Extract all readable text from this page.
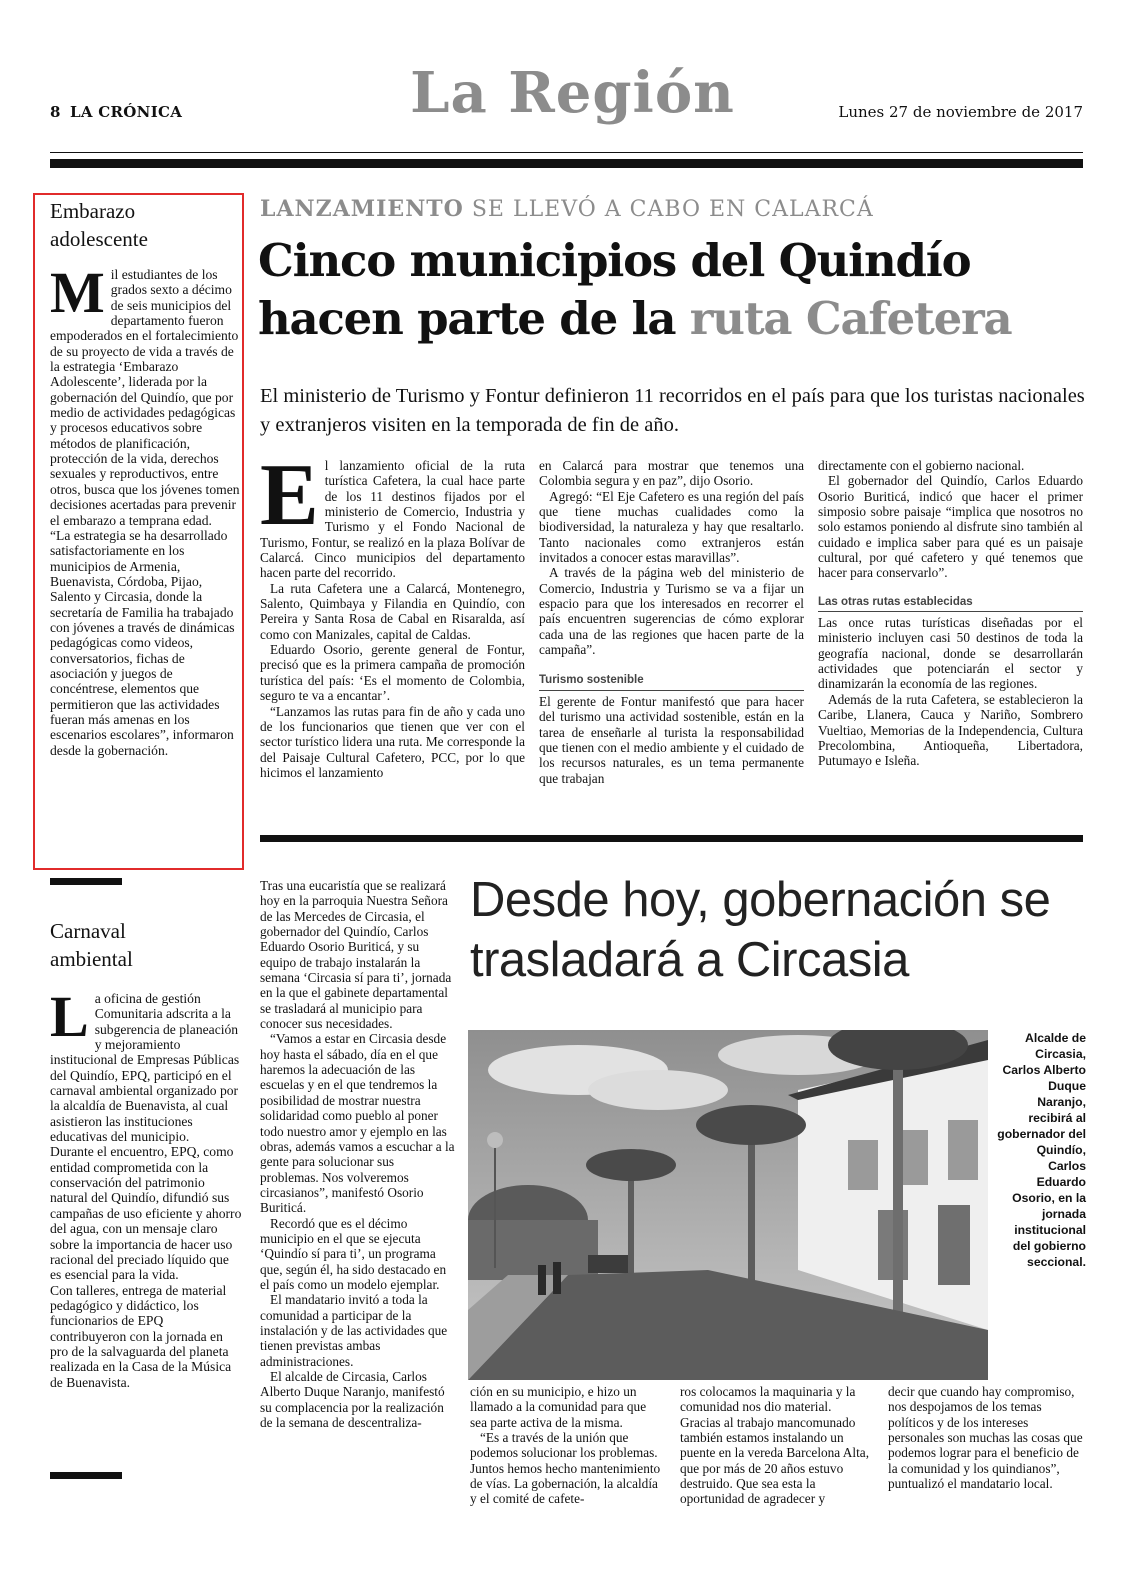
8 LA CRÓNICA	La Región	Lunes 27 de noviembre de 2017
Embarazo adolescente
M il estudiantes de los grados sexto a décimo de seis municipios del departamento fueron empoderados en el fortalecimiento de su proyecto de vida a través de la estrategia ‘Embarazo Adolescente’, liderada por la gobernación del Quindío, que por medio de actividades pedagógicas y procesos educativos sobre métodos de planificación, protección de la vida, derechos sexuales y reproductivos, entre otros, busca que los jóvenes tomen decisiones acertadas para prevenir el embarazo a temprana edad.
“La estrategia se ha desarrollado satisfactoriamente en los municipios de Armenia, Buenavista, Córdoba, Pijao, Salento y Circasia, donde la secretaría de Familia ha trabajado con jóvenes a través de dinámicas pedagógicas como videos, conversatorios, fichas de asociación y juegos de concéntrese, elementos que permitieron que las actividades fueran más amenas en los escenarios escolares”, informaron desde la gobernación.
Carnaval ambiental
L a oficina de gestión Comunitaria adscrita a la subgerencia de planeación y mejoramiento institucional de Empresas Públicas del Quindío, EPQ, participó en el carnaval ambiental organizado por la alcaldía de Buenavista, al cual asistieron las instituciones educativas del municipio.
Durante el encuentro, EPQ, como entidad comprometida con la conservación del patrimonio natural del Quindío, difundió sus campañas de uso eficiente y ahorro del agua, con un mensaje claro sobre la importancia de hacer uso racional del preciado líquido que es esencial para la vida.
Con talleres, entrega de material pedagógico y didáctico, los funcionarios de EPQ contribuyeron con la jornada en pro de la salvaguarda del planeta realizada en la Casa de la Música de Buenavista.
LANZAMIENTO SE LLEVÓ A CABO EN CALARCÁ
Cinco municipios del Quindío hacen parte de la ruta Cafetera
El ministerio de Turismo y Fontur definieron 11 recorridos en el país para que los turistas nacionales y extranjeros visiten en la temporada de fin de año.
E l lanzamiento oficial de la ruta turística Cafetera, la cual hace parte de los 11 destinos fijados por el ministerio de Comercio, Industria y Turismo y el Fondo Nacional de Turismo, Fontur, se realizó en la plaza Bolívar de Calarcá. Cinco municipios del departamento hacen parte del recorrido.
La ruta Cafetera une a Calarcá, Montenegro, Salento, Quimbaya y Filandia en Quindío, con Pereira y Santa Rosa de Cabal en Risaralda, así como con Manizales, capital de Caldas.
Eduardo Osorio, gerente general de Fontur, precisó que es la primera campaña de promoción turística del país: ‘Es el momento de Colombia, seguro te va a encantar’.
“Lanzamos las rutas para fin de año y cada uno de los funcionarios que tienen que ver con el sector turístico lidera una ruta. Me corresponde la del Paisaje Cultural Cafetero, PCC, por lo que hicimos el lanzamiento
en Calarcá para mostrar que tenemos una Colombia segura y en paz”, dijo Osorio.
Agregó: “El Eje Cafetero es una región del país que tiene muchas cualidades como la biodiversidad, la naturaleza y hay que resaltarlo. Tanto nacionales como extranjeros están invitados a conocer estas maravillas”.
A través de la página web del ministerio de Comercio, Industria y Turismo se va a fijar un espacio para que los interesados en recorrer el país encuentren sugerencias de cómo explorar cada una de las regiones que hacen parte de la campaña”.
Turismo sostenible
El gerente de Fontur manifestó que para hacer del turismo una actividad sostenible, están en la tarea de enseñarle al turista la responsabilidad que tienen con el medio ambiente y el cuidado de los recursos naturales, es un tema permanente que trabajan
directamente con el gobierno nacional.
El gobernador del Quindío, Carlos Eduardo Osorio Buriticá, indicó que hacer el primer simposio sobre paisaje “implica que nosotros no solo estamos poniendo al disfrute sino también al cuidado e implica saber para qué es un paisaje cultural, por qué cafetero y qué tenemos que hacer para conservarlo”.
Las otras rutas establecidas
Las once rutas turísticas diseñadas por el ministerio incluyen casi 50 destinos de toda la geografía nacional, donde se desarrollarán actividades que potenciarán el sector y dinamizarán la economía de las regiones.
Además de la ruta Cafetera, se establecieron la Caribe, Llanera, Cauca y Nariño, Sombrero Vueltiao, Memorias de la Independencia, Cultura Precolombina, Antioqueña, Libertadora, Putumayo e Isleña.
Tras una eucaristía que se realizará hoy en la parroquia Nuestra Señora de las Mercedes de Circasia, el gobernador del Quindío, Carlos Eduardo Osorio Buriticá, y su equipo de trabajo instalarán la semana ‘Circasia sí para ti’, jornada en la que el gabinete departamental se trasladará al municipio para conocer sus necesidades.
“Vamos a estar en Circasia desde hoy hasta el sábado, día en el que haremos la adecuación de las escuelas y en el que tendremos la posibilidad de mostrar nuestra solidaridad como pueblo al poner todo nuestro amor y ejemplo en las obras, además vamos a escuchar a la gente para solucionar sus problemas. Nos volveremos circasianos”, manifestó Osorio Buriticá.
Recordó que es el décimo municipio en el que se ejecuta ‘Quindío sí para ti’, un programa que, según él, ha sido destacado en el país como un modelo ejemplar.
El mandatario invitó a toda la comunidad a participar de la instalación y de las actividades que tienen previstas ambas administraciones.
El alcalde de Circasia, Carlos Alberto Duque Naranjo, manifestó su complacencia por la realización de la semana de descentraliza-
Desde hoy, gobernación se trasladará a Circasia
Alcalde de Circasia, Carlos Alberto Duque Naranjo, recibirá al gobernador del Quindío, Carlos Eduardo Osorio, en la jornada institucional del gobierno seccional.
ción en su municipio, e hizo un llamado a la comunidad para que sea parte activa de la misma.
“Es a través de la unión que podemos solucionar los problemas. Juntos hemos hecho mantenimiento de vías. La gobernación, la alcaldía y el comité de cafete-
ros colocamos la maquinaria y la comunidad nos dio material. Gracias al trabajo mancomunado también estamos instalando un puente en la vereda Barcelona Alta, que por más de 20 años estuvo destruido. Que sea esta la oportunidad de agradecer y
decir que cuando hay compromiso, nos despojamos de los temas políticos y de los intereses personales son muchas las cosas que podemos lograr para el beneficio de la comunidad y los quindianos”, puntualizó el mandatario local.
